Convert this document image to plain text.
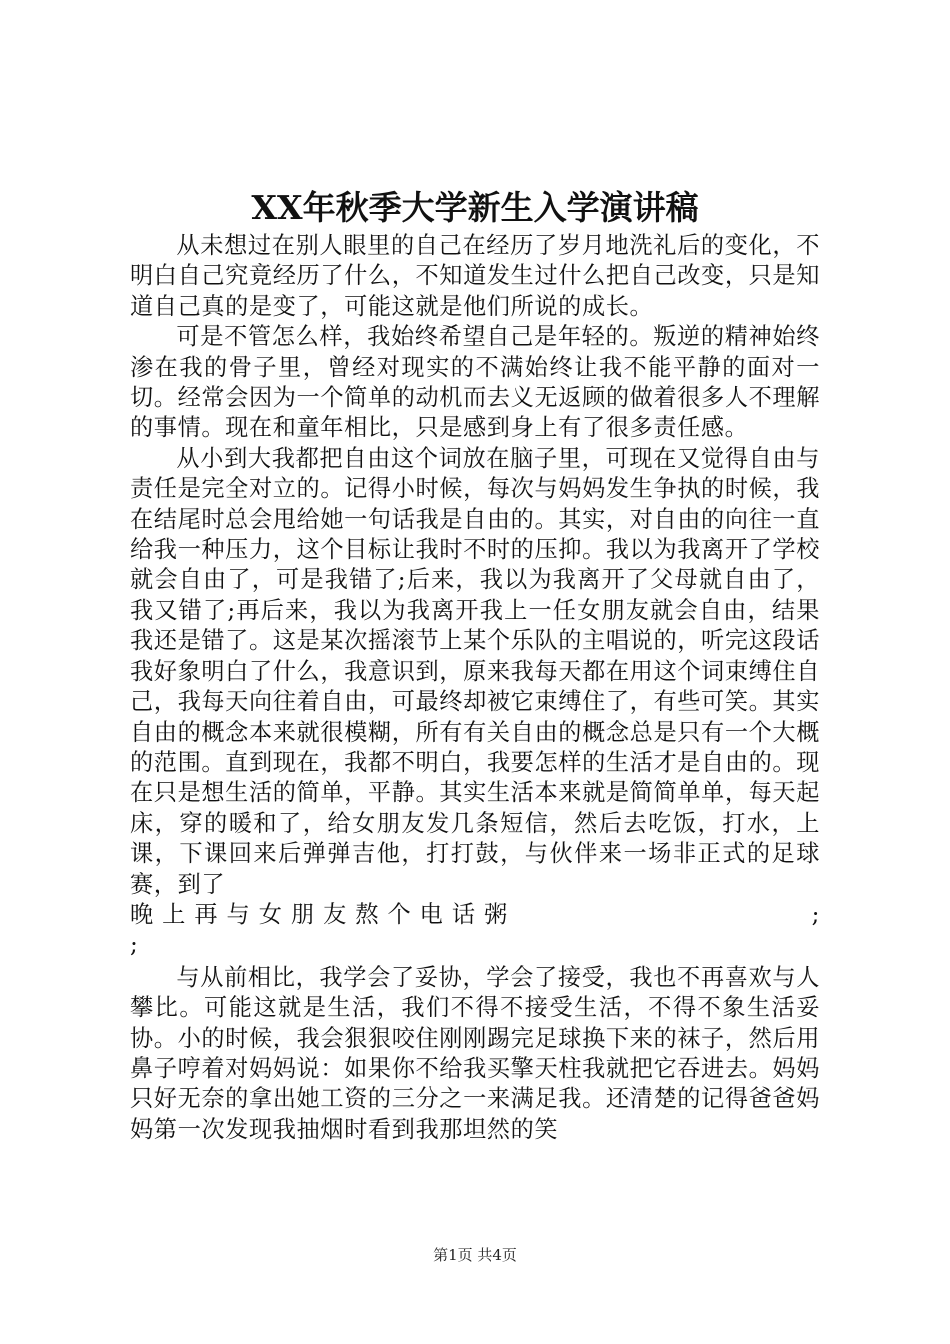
XX年秋季大学新生入学演讲稿

从未想过在别人眼里的自己在经历了岁月地洗礼后的变化，不明白自己究竟经历了什么，不知道发生过什么把自己改变，只是知道自己真的是变了，可能这就是他们所说的成长。

可是不管怎么样，我始终希望自己是年轻的。叛逆的精神始终渗在我的骨子里，曾经对现实的不满始终让我不能平静的面对一切。经常会因为一个简单的动机而去义无返顾的做着很多人不理解的事情。现在和童年相比，只是感到身上有了很多责任感。

从小到大我都把自由这个词放在脑子里，可现在又觉得自由与责任是完全对立的。记得小时候，每次与妈妈发生争执的时候，我在结尾时总会甩给她一句话我是自由的。其实，对自由的向往一直给我一种压力，这个目标让我时不时的压抑。我以为我离开了学校就会自由了，可是我错了;后来，我以为我离开了父母就自由了，我又错了;再后来，我以为我离开我上一任女朋友就会自由，结果我还是错了。这是某次摇滚节上某个乐队的主唱说的，听完这段话我好象明白了什么，我意识到，原来我每天都在用这个词束缚住自己，我每天向往着自由，可最终却被它束缚住了，有些可笑。其实自由的概念本来就很模糊，所有有关自由的概念总是只有一个大概的范围。直到现在，我都不明白，我要怎样的生活才是自由的。现在只是想生活的简单，平静。其实生活本来就是简简单单，每天起床，穿的暖和了，给女朋友发几条短信，然后去吃饭，打水，上课，下课回来后弹弹吉他，打打鼓，与伙伴来一场非正式的足球赛，到了

晚上再与女朋友熬个电话粥	;
;

与从前相比，我学会了妥协，学会了接受，我也不再喜欢与人攀比。可能这就是生活，我们不得不接受生活，不得不象生活妥协。小的时候，我会狠狠咬住刚刚踢完足球换下来的袜子，然后用鼻子哼着对妈妈说：如果你不给我买擎天柱我就把它吞进去。妈妈只好无奈的拿出她工资的三分之一来满足我。还清楚的记得爸爸妈妈第一次发现我抽烟时看到我那坦然的笑

第1页 共4页
